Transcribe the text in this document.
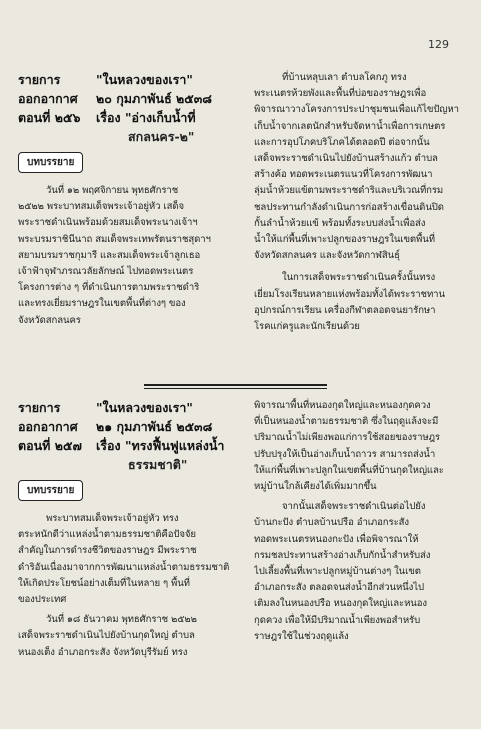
129
รายการ	"ในหลวงของเรา"
ออกอากาศ	๒๐ กุมภาพันธ์ ๒๕๓๘
ตอนที่ ๒๕๖	เรื่อง "อ่างเก็บน้ำที่
สกลนคร-๒"
บทบรรยาย
วันที่ ๑๒ พฤศจิกายน พุทธศักราช
๒๕๒๒ พระบาทสมเด็จพระเจ้าอยู่หัว เสด็จ
พระราชดำเนินพร้อมด้วยสมเด็จพระนางเจ้าฯ
พระบรมราชินีนาถ สมเด็จพระเทพรัตนราชสุดาฯ
สยามบรมราชกุมารี และสมเด็จพระเจ้าลูกเธอ
เจ้าฟ้าจุฬาภรณวลัยลักษณ์ ไปทอดพระเนตร
โครงการต่าง ๆ ที่ดำเนินการตามพระราชดำริ
และทรงเยี่ยมราษฎรในเขตพื้นที่ต่างๆ ของ
จังหวัดสกลนคร
ที่บ้านหลุบเลา ตำบลโคกภู ทรง
พระเนตรห้วยพังและพื้นที่บ่อของราษฎรเพื่อ
พิจารณาวางโครงการประปาชุมชนเพื่อแก้ไขปัญหา
เก็บน้ำจากเลตนักสำหรับจัดหาน้ำเพื่อการเกษตร
และการอุปโภคบริโภคได้ตลอดปี ต่อจากนั้น
เสด็จพระราชดำเนินไปยังบ้านสร้างแก้ว ตำบล
สร้างค้อ ทอดพระเนตรแนวที่โครงการพัฒนา
ลุ่มน้ำห้วยแข้ตามพระราชดำริและบริเวณที่กรม
ชลประทานกำลังดำเนินการก่อสร้างเขื่อนดินปิด
กั้นลำน้ำห้วยแข้ พร้อมทั้งระบบส่งน้ำเพื่อส่ง
น้ำให้แก่พื้นที่เพาะปลูกของราษฎรในเขตพื้นที่
จังหวัดสกลนคร และจังหวัดกาฬสินธุ์
ในการเสด็จพระราชดำเนินครั้งนั้นทรง
เยี่ยมโรงเรียนหลายแห่งพร้อมทั้งได้พระราชทาน
อุปกรณ์การเรียน เครื่องกีฬาตลอดจนยารักษา
โรคแก่ครูและนักเรียนด้วย
รายการ	"ในหลวงของเรา"
ออกอากาศ	๒๑ กุมภาพันธ์ ๒๕๓๘
ตอนที่ ๒๕๗	เรื่อง "ทรงฟื้นฟูแหล่งน้ำ
ธรรมชาติ"
บทบรรยาย
พระบาทสมเด็จพระเจ้าอยู่หัว ทรง
ตระหนักดีว่าแหล่งน้ำตามธรรมชาติคือปัจจัย
สำคัญในการดำรงชีวิตของราษฎร มีพระราช
ดำริอันเนื่องมาจากการพัฒนาแหล่งน้ำตามธรรมชาติ
ให้เกิดประโยชน์อย่างเต็มที่ในหลาย ๆ พื้นที่
ของประเทศ
วันที่ ๑๘ ธันวาคม พุทธศักราช ๒๕๒๒
เสด็จพระราชดำเนินไปยังบ้านกุดใหญ่ ตำบล
หนองเต็ง อำเภอกระสัง จังหวัดบุรีรัมย์ ทรง
พิจารณาพื้นที่หนองกุดใหญ่และหนองกุดควง
ที่เป็นหนองน้ำตามธรรมชาติ ซึ่งในฤดูแล้งจะมี
ปริมาณน้ำไม่เพียงพอแก่การใช้สอยของราษฎร
ปรับปรุงให้เป็นอ่างเก็บน้ำถาวร สามารถส่งน้ำ
ให้แก่พื้นที่เพาะปลูกในเขตพื้นที่บ้านกุดใหญ่และ
หมู่บ้านใกล้เคียงได้เพิ่มมากขึ้น
จากนั้นเสด็จพระราชดำเนินต่อไปยัง
บ้านกะปัง ตำบลบ้านปรือ อำเภอกระสัง
ทอดพระเนตรหนองกะปัง เพื่อพิจารณาให้
กรมชลประทานสร้างอ่างเก็บกักน้ำสำหรับส่ง
ไปเลี้ยงพื้นที่เพาะปลูกหมู่บ้านต่างๆ ในเขต
อำเภอกระสัง ตลอดจนส่งน้ำอีกส่วนหนึ่งไป
เติมลงในหนองปรือ หนองกุดใหญ่และหนอง
กุดควง เพื่อให้มีปริมาณน้ำเพียงพอสำหรับ
ราษฎรใช้ในช่วงฤดูแล้ง
